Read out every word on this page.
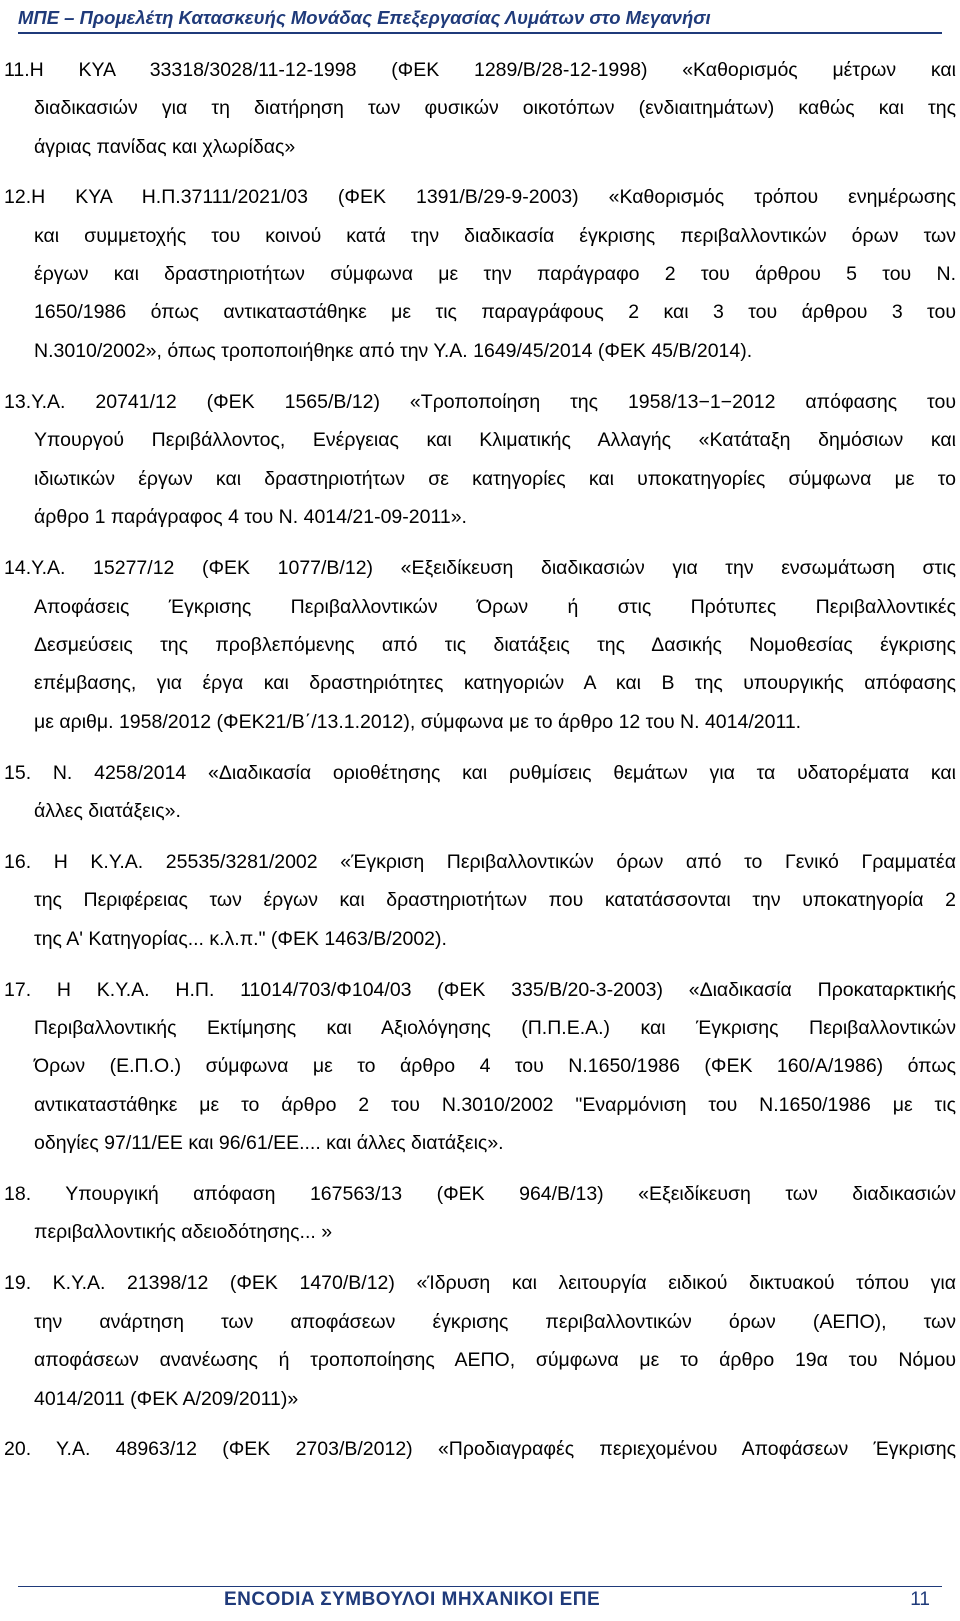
ΜΠΕ – Προμελέτη Κατασκευής Μονάδας Επεξεργασίας Λυμάτων στο Μεγανήσι
11.Η ΚΥΑ 33318/3028/11-12-1998 (ΦΕΚ 1289/Β/28-12-1998) «Καθορισμός μέτρων και
διαδικασιών για τη διατήρηση των φυσικών οικοτόπων (ενδιαιτημάτων) καθώς και της
άγριας πανίδας και χλωρίδας»
12.Η ΚΥΑ Η.Π.37111/2021/03 (ΦΕΚ 1391/Β/29-9-2003) «Καθορισμός τρόπου ενημέρωσης
και συμμετοχής του κοινού κατά την διαδικασία έγκρισης περιβαλλοντικών όρων των
έργων και δραστηριοτήτων σύμφωνα με την παράγραφο 2 του άρθρου 5 του Ν.
1650/1986 όπως αντικαταστάθηκε με τις παραγράφους 2 και 3 του άρθρου 3 του
Ν.3010/2002», όπως τροποποιήθηκε από την Υ.Α. 1649/45/2014 (ΦΕΚ 45/Β/2014).
13.Υ.Α. 20741/12 (ΦΕΚ 1565/Β/12) «Τροποποίηση της 1958/13−1−2012 απόφασης του
Υπουργού Περιβάλλοντος, Ενέργειας και Κλιματικής Αλλαγής «Κατάταξη δημόσιων και
ιδιωτικών έργων και δραστηριοτήτων σε κατηγορίες και υποκατηγορίες σύμφωνα με το
άρθρο 1 παράγραφος 4 του Ν. 4014/21-09-2011».
14.Υ.Α. 15277/12 (ΦΕΚ 1077/Β/12) «Εξειδίκευση διαδικασιών για την ενσωμάτωση στις
Αποφάσεις Έγκρισης Περιβαλλοντικών Όρων ή στις Πρότυπες Περιβαλλοντικές
Δεσμεύσεις της προβλεπόμενης από τις διατάξεις της Δασικής Νομοθεσίας έγκρισης
επέμβασης, για έργα και δραστηριότητες κατηγοριών Α και Β της υπουργικής απόφασης
με αριθμ. 1958/2012 (ΦΕΚ21/Β΄/13.1.2012), σύμφωνα με το άρθρο 12 του Ν. 4014/2011.
15. Ν. 4258/2014 «Διαδικασία οριοθέτησης και ρυθμίσεις θεμάτων για τα υδατορέματα και
άλλες διατάξεις».
16. Η Κ.Υ.Α. 25535/3281/2002 «Έγκριση Περιβαλλοντικών όρων από το Γενικό Γραμματέα
της Περιφέρειας των έργων και δραστηριοτήτων που κατατάσσονται την υποκατηγορία 2
της Α' Κατηγορίας... κ.λ.π." (ΦΕΚ 1463/Β/2002).
17. Η Κ.Υ.Α. Η.Π. 11014/703/Φ104/03 (ΦΕΚ 335/Β/20-3-2003) «Διαδικασία Προκαταρκτικής
Περιβαλλοντικής Εκτίμησης και Αξιολόγησης (Π.Π.Ε.Α.) και Έγκρισης Περιβαλλοντικών
Όρων (Ε.Π.Ο.) σύμφωνα με το άρθρο 4 του Ν.1650/1986 (ΦΕΚ 160/Α/1986) όπως
αντικαταστάθηκε με το άρθρο 2 του Ν.3010/2002 "Εναρμόνιση του Ν.1650/1986 με τις
οδηγίες 97/11/ΕΕ και 96/61/ΕΕ.... και άλλες διατάξεις».
18. Υπουργική απόφαση 167563/13 (ΦΕΚ 964/Β/13) «Εξειδίκευση των διαδικασιών
περιβαλλοντικής αδειοδότησης... »
19. Κ.Υ.Α. 21398/12 (ΦΕΚ 1470/Β/12) «Ίδρυση και λειτουργία ειδικού δικτυακού τόπου για
την ανάρτηση των αποφάσεων έγκρισης περιβαλλοντικών όρων (ΑΕΠΟ), των
αποφάσεων ανανέωσης ή τροποποίησης ΑΕΠΟ, σύμφωνα με το άρθρο 19α του Νόμου
4014/2011 (ΦΕΚ Α/209/2011)»
20. Υ.Α. 48963/12 (ΦΕΚ 2703/Β/2012) «Προδιαγραφές περιεχομένου Αποφάσεων Έγκρισης
ENCODIA ΣΥΜΒΟΥΛΟΙ ΜΗΧΑΝΙΚΟΙ ΕΠΕ	11
